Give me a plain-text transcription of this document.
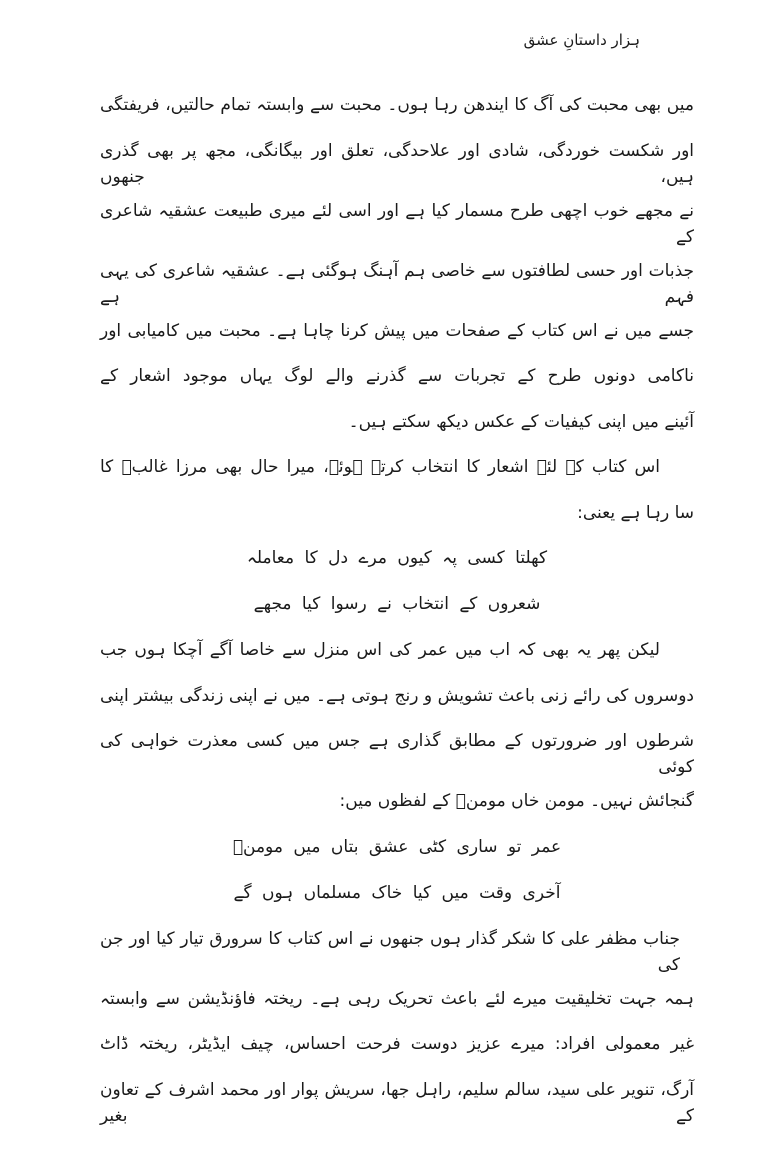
ہزار داستانِ عشق
میں بھی محبت کی آگ کا ایندھن رہا ہوں۔ محبت سے وابستہ تمام حالتیں، فریفتگی
اور شکست خوردگی، شادی اور علاحدگی، تعلق اور بیگانگی، مجھ پر بھی گذری ہیں، جنھوں
نے مجھے خوب اچھی طرح مسمار کیا ہے اور اسی لئے میری طبیعت عشقیہ شاعری کے
جذبات اور حسی لطافتوں سے خاصی ہم آہنگ ہوگئی ہے۔ عشقیہ شاعری کی یہی فہم ہے
جسے میں نے اس کتاب کے صفحات میں پیش کرنا چاہا ہے۔ محبت میں کامیابی اور
ناکامی دونوں طرح کے تجربات سے گذرنے والے لوگ یہاں موجود اشعار کے
آئینے میں اپنی کیفیات کے عکس دیکھ سکتے ہیں۔
اس کتاب کے لئے اشعار کا انتخاب کرتے ہوئے، میرا حال بھی مرزا غالبؔ کا
سا رہا ہے یعنی:
کھلتا کسی پہ کیوں مرے دل کا معاملہ
شعروں کے انتخاب نے رسوا کیا مجھے
لیکن پھر یہ بھی کہ اب میں عمر کی اس منزل سے خاصا آگے آچکا ہوں جب
دوسروں کی رائے زنی باعث تشویش و رنج ہوتی ہے۔ میں نے اپنی زندگی بیشتر اپنی
شرطوں اور ضرورتوں کے مطابق گذاری ہے جس میں کسی معذرت خواہی کی کوئی
گنجائش نہیں۔ مومن خاں مومنؔ کے لفظوں میں:
عمر تو ساری کٹی عشق بتاں میں مومنؔ
آخری وقت میں کیا خاک مسلماں ہوں گے
جناب مظفر علی کا شکر گذار ہوں جنھوں نے اس کتاب کا سرورق تیار کیا اور جن کی
ہمہ جہت تخلیقیت میرے لئے باعث تحریک رہی ہے۔ ریختہ فاؤنڈیشن سے وابستہ
غیر معمولی افراد: میرے عزیز دوست فرحت احساس، چیف ایڈیٹر، ریختہ ڈاٹ
آرگ، تنویر علی سید، سالم سلیم، راہل جھا، سریش پوار اور محمد اشرف کے تعاون کے بغیر
